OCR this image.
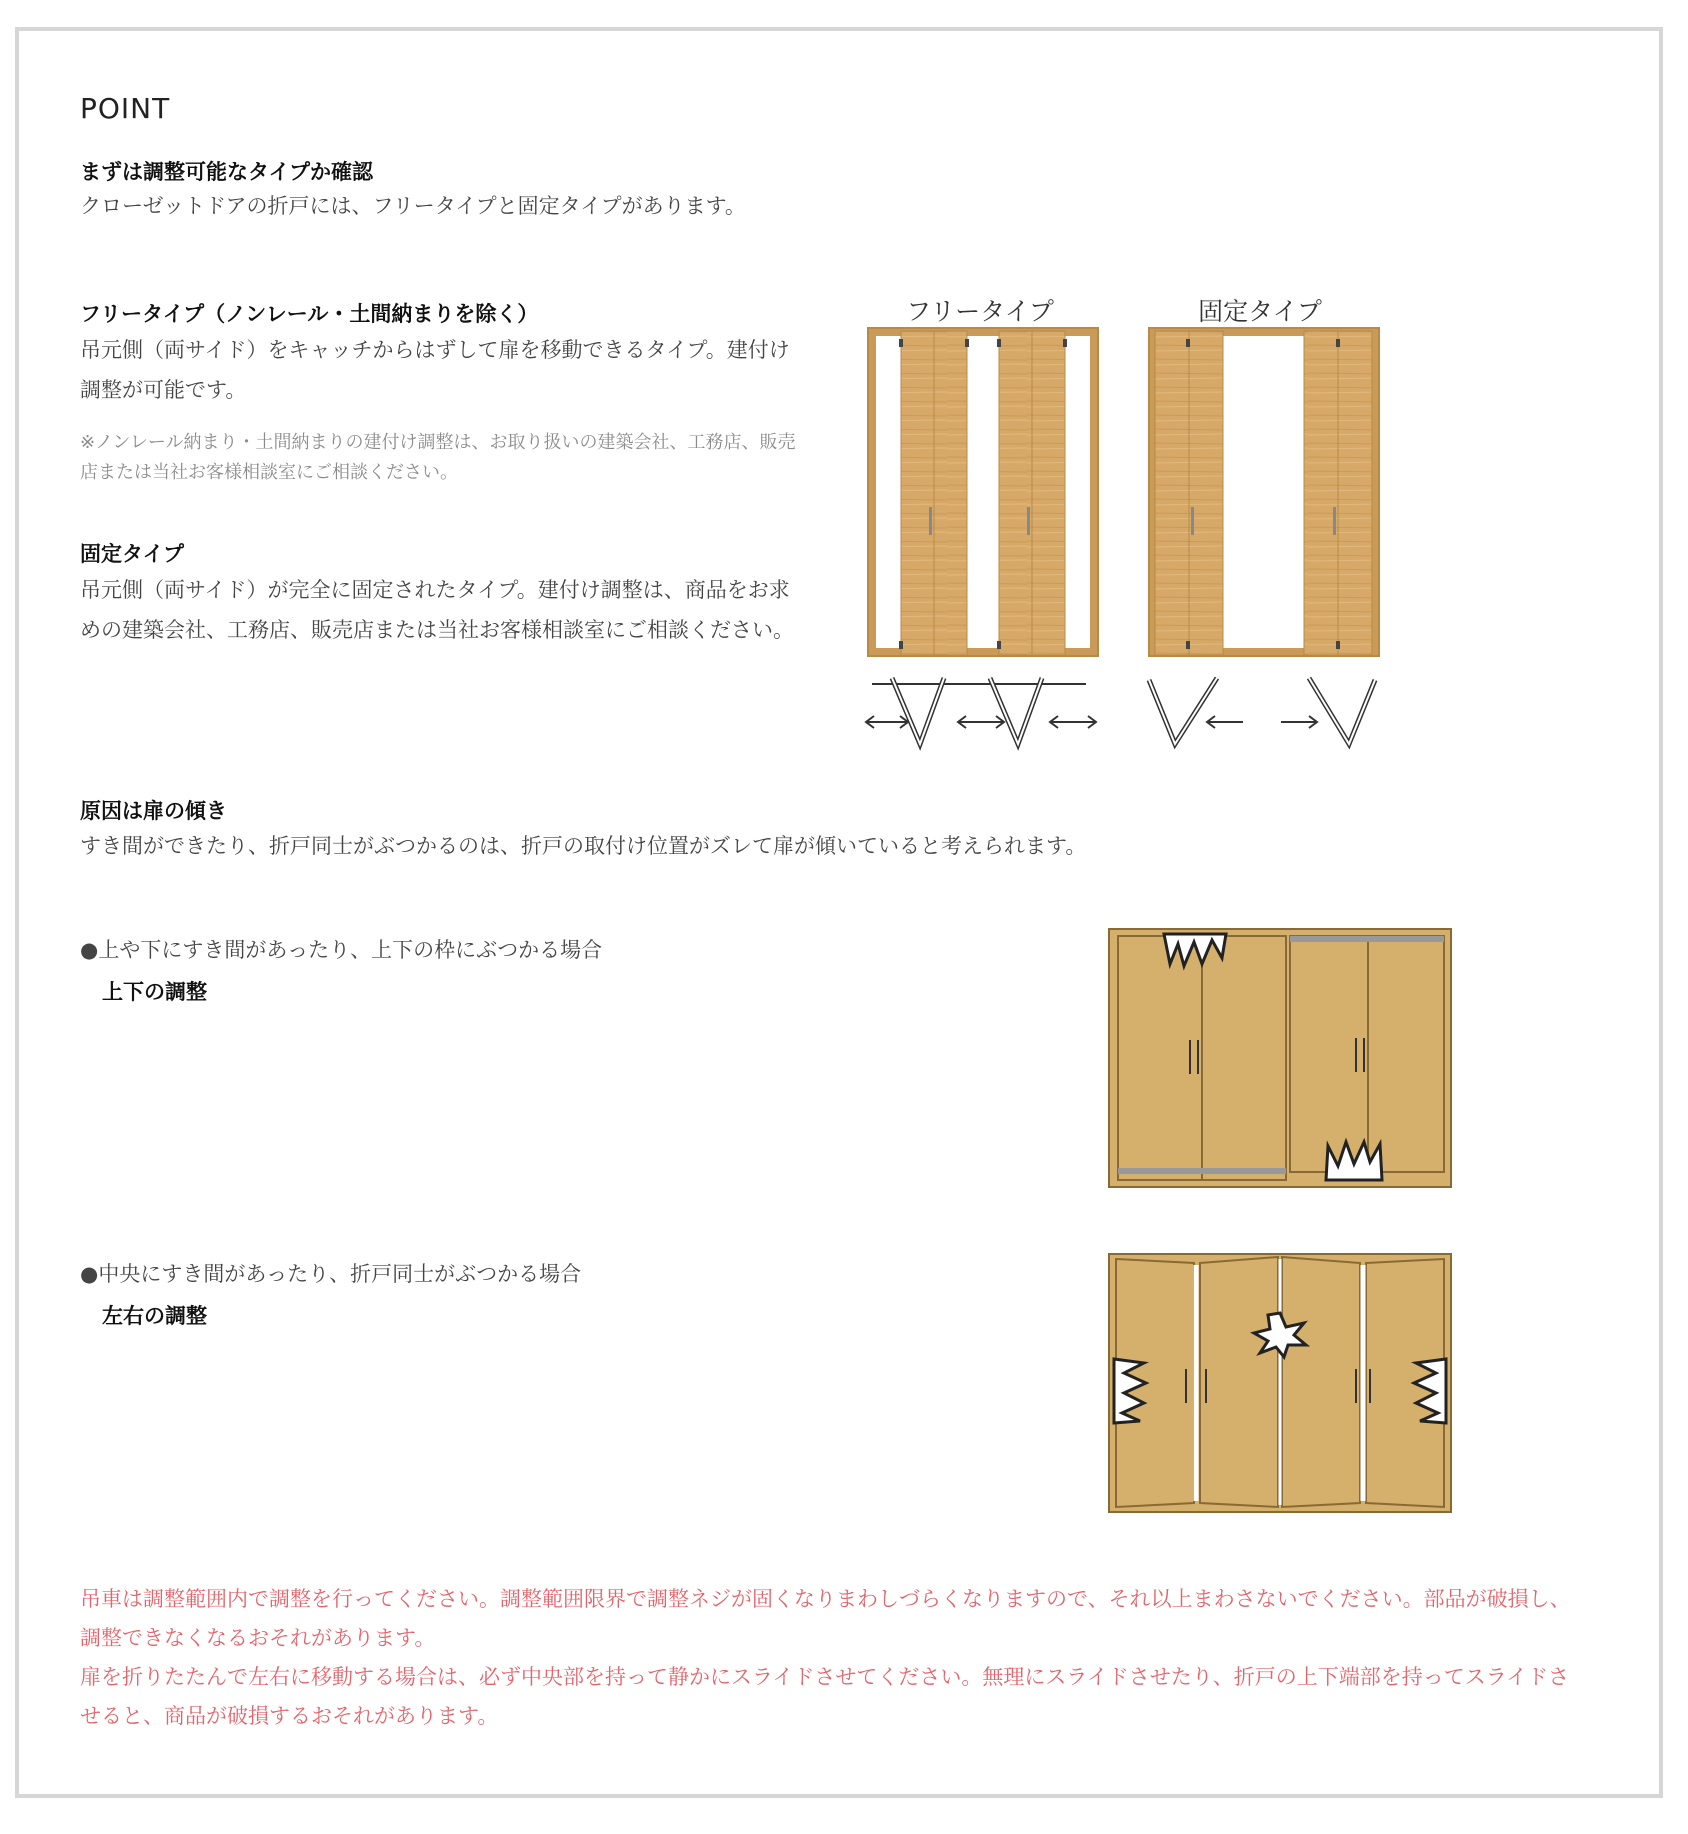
POINT
まずは調整可能なタイプか確認
クローゼットドアの折戸には、フリータイプと固定タイプがあります。
フリータイプ（ノンレール・土間納まりを除く）
吊元側（両サイド）をキャッチからはずして扉を移動できるタイプ。建付け調整が可能です。
※ノンレール納まり・土間納まりの建付け調整は、お取り扱いの建築会社、工務店、販売店または当社お客様相談室にご相談ください。
固定タイプ
吊元側（両サイド）が完全に固定されたタイプ。建付け調整は、商品をお求めの建築会社、工務店、販売店または当社お客様相談室にご相談ください。
フリータイプ	固定タイプ
原因は扉の傾き
すき間ができたり、折戸同士がぶつかるのは、折戸の取付け位置がズレて扉が傾いていると考えられます。
●上や下にすき間があったり、上下の枠にぶつかる場合
上下の調整
●中央にすき間があったり、折戸同士がぶつかる場合
左右の調整
吊車は調整範囲内で調整を行ってください。調整範囲限界で調整ネジが固くなりまわしづらくなりますので、それ以上まわさないでください。部品が破損し、調整できなくなるおそれがあります。
扉を折りたたんで左右に移動する場合は、必ず中央部を持って静かにスライドさせてください。無理にスライドさせたり、折戸の上下端部を持ってスライドさせると、商品が破損するおそれがあります。
